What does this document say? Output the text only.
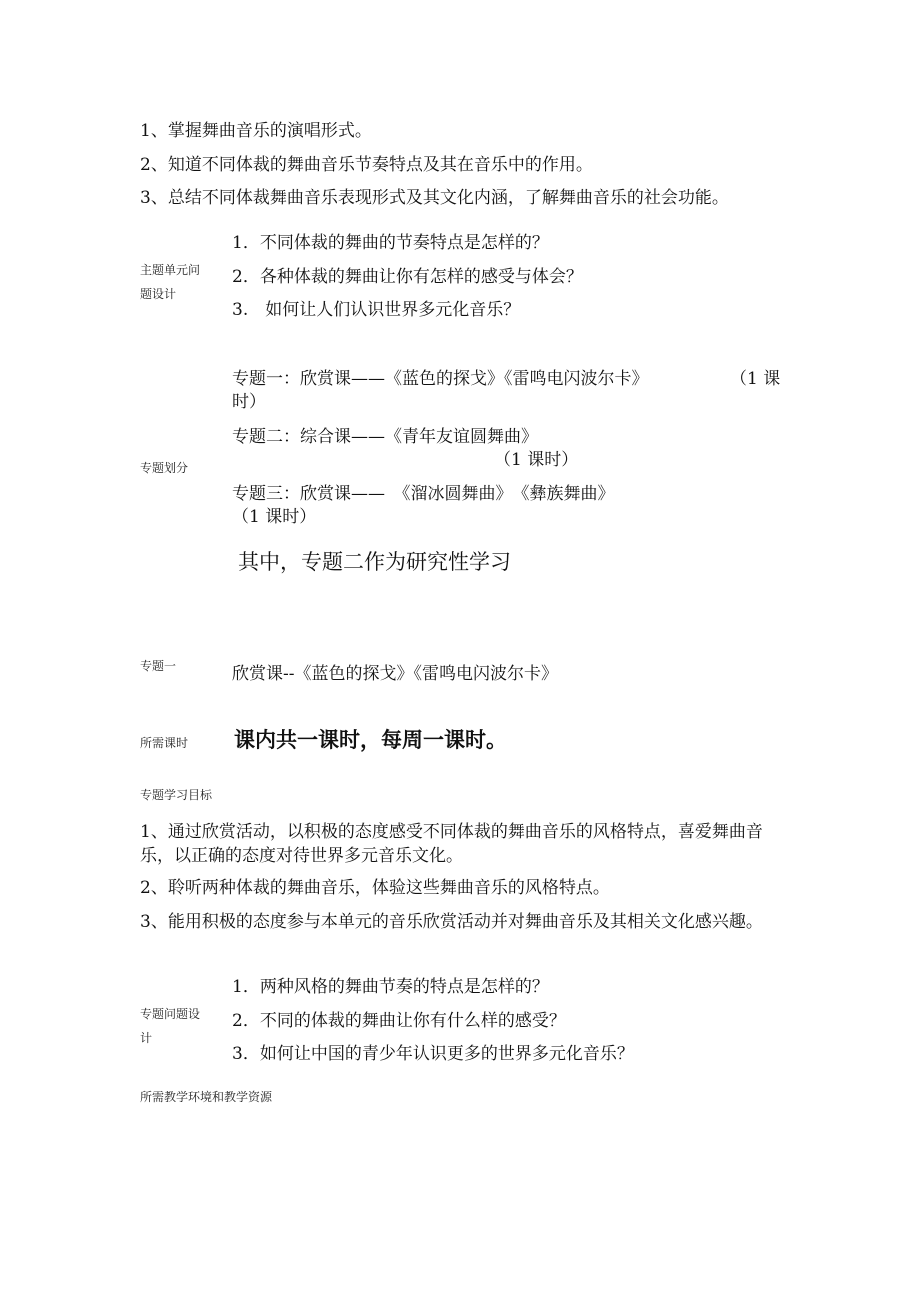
1、掌握舞曲音乐的演唱形式。
2、知道不同体裁的舞曲音乐节奏特点及其在音乐中的作用。
3、总结不同体裁舞曲音乐表现形式及其文化内涵，了解舞曲音乐的社会功能。
主题单元问
题设计
1．不同体裁的舞曲的节奏特点是怎样的？
2．各种体裁的舞曲让你有怎样的感受与体会？
3.　如何让人们认识世界多元化音乐？
专题划分
专题一：欣赏课——《蓝色的探戈》《雷鸣电闪波尔卡》	（1 课
时）
专题二：综合课——《青年友谊圆舞曲》
（1 课时）
专题三：欣赏课——　《溜冰圆舞曲》　《彝族舞曲》
（1 课时）
其中，专题二作为研究性学习
专题一	欣赏课--《蓝色的探戈》《雷鸣电闪波尔卡》
所需课时 课内共一课时，每周一课时。
专题学习目标
1、通过欣赏活动，以积极的态度感受不同体裁的舞曲音乐的风格特点，喜爱舞曲音乐，以正确的态度对待世界多元音乐文化。
2、聆听两种体裁的舞曲音乐，体验这些舞曲音乐的风格特点。
3、能用积极的态度参与本单元的音乐欣赏活动并对舞曲音乐及其相关文化感兴趣。
专题问题设
计
1．两种风格的舞曲节奏的特点是怎样的？
2．不同的体裁的舞曲让你有什么样的感受？
3．如何让中国的青少年认识更多的世界多元化音乐？
所需教学环境和教学资源
